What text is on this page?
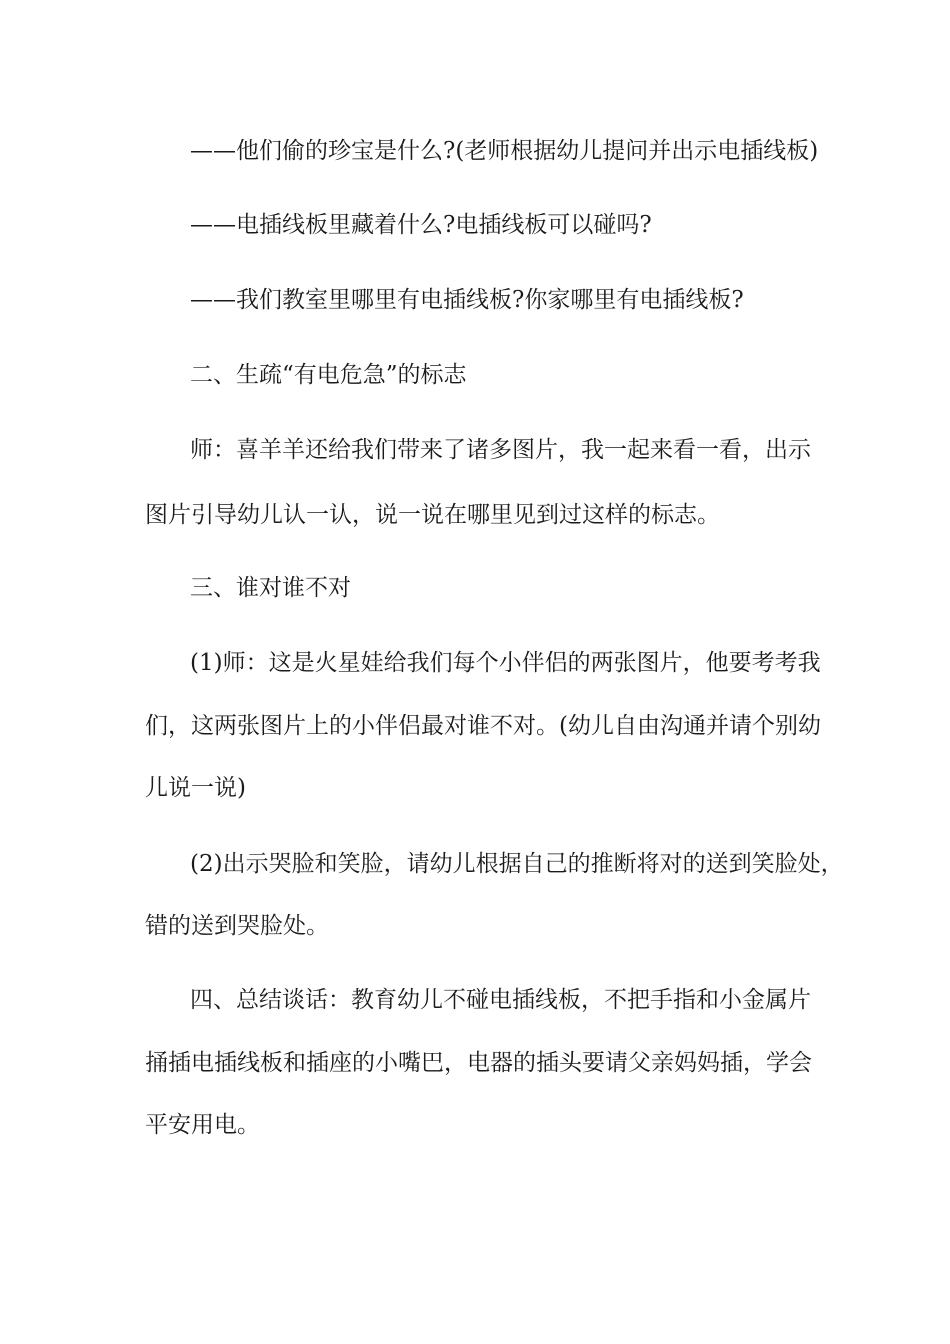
——他们偷的珍宝是什么?(老师根据幼儿提问并出示电插线板)
——电插线板里藏着什么?电插线板可以碰吗?
——我们教室里哪里有电插线板?你家哪里有电插线板?
二、生疏“有电危急”的标志
师：喜羊羊还给我们带来了诸多图片，我一起来看一看，出示
图片引导幼儿认一认，说一说在哪里见到过这样的标志。
三、谁对谁不对
(1)师：这是火星娃给我们每个小伴侣的两张图片，他要考考我
们，这两张图片上的小伴侣最对谁不对。(幼儿自由沟通并请个别幼
儿说一说)
(2)出示哭脸和笑脸，请幼儿根据自己的推断将对的送到笑脸处，
错的送到哭脸处。
四、总结谈话：教育幼儿不碰电插线板，不把手指和小金属片
捅插电插线板和插座的小嘴巴，电器的插头要请父亲妈妈插，学会
平安用电。
